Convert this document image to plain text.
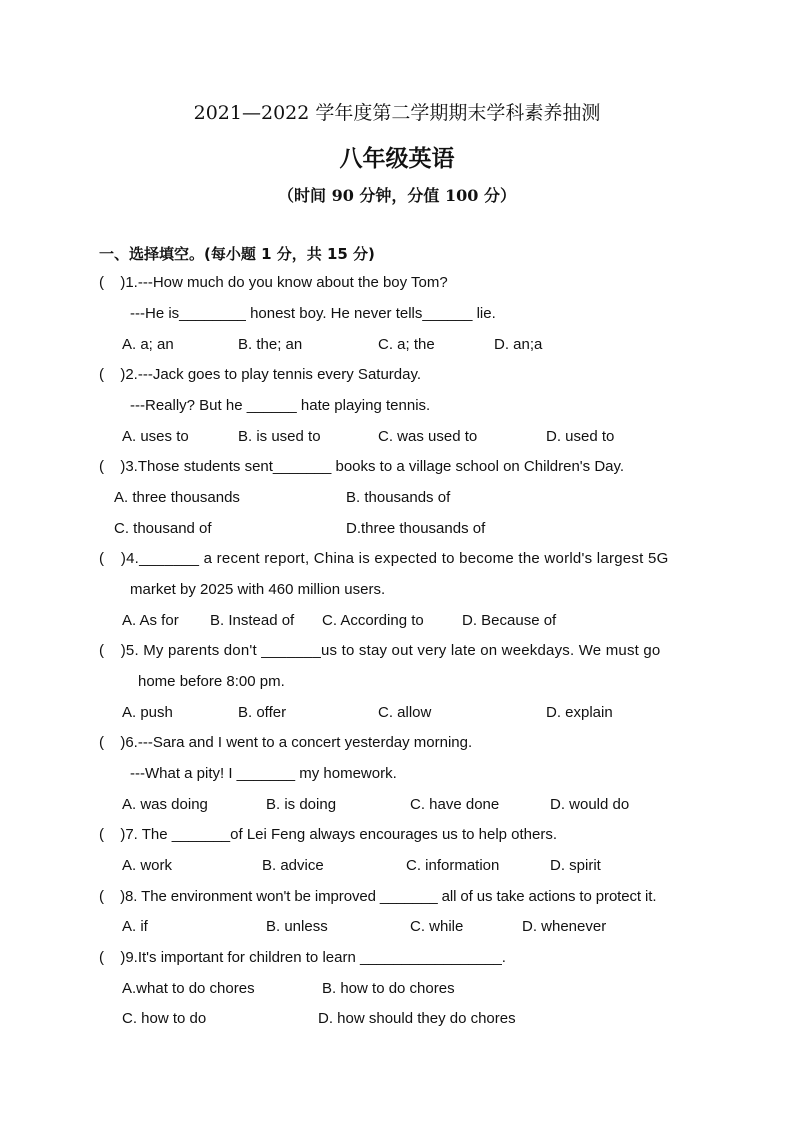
2021—2022 学年度第二学期期末学科素养抽测
八年级英语
（时间 90 分钟，分值 100 分）
一、选择填空。(每小题 1 分，共 15 分)
( )1.---How much do you know about the boy Tom?
---He is________ honest boy. He never tells______ lie.
A. a; an	B. the; an	C. a; the	D. an;a
( )2.---Jack goes to play tennis every Saturday.
---Really? But he ______ hate playing tennis.
A. uses to	B. is used to	C. was used to	D. used to
( )3.Those students sent_______ books to a village school on Children's Day.
A. three thousands	B. thousands of
C. thousand of	D.three thousands of
( )4._______ a recent report, China is expected to become the world's largest 5G
market by 2025 with 460 million users.
A. As for B. Instead of C. According to	D. Because of
( )5. My parents don't _______us to stay out very late on weekdays. We must go
home before 8:00 pm.
A. push	B. offer	C. allow	D. explain
( )6.---Sara and I went to a concert yesterday morning.
---What a pity! I _______ my homework.
A. was doing	B. is doing	C. have done	D. would do
( )7. The _______of Lei Feng always encourages us to help others.
A. work	B. advice	C. information	D. spirit
( )8. The environment won't be improved _______ all of us take actions to protect it.
A. if	B. unless	C. while	D. whenever
( )9.It's important for children to learn _________________.
A.what to do chores	B. how to do chores
C. how to do	D. how should they do chores
